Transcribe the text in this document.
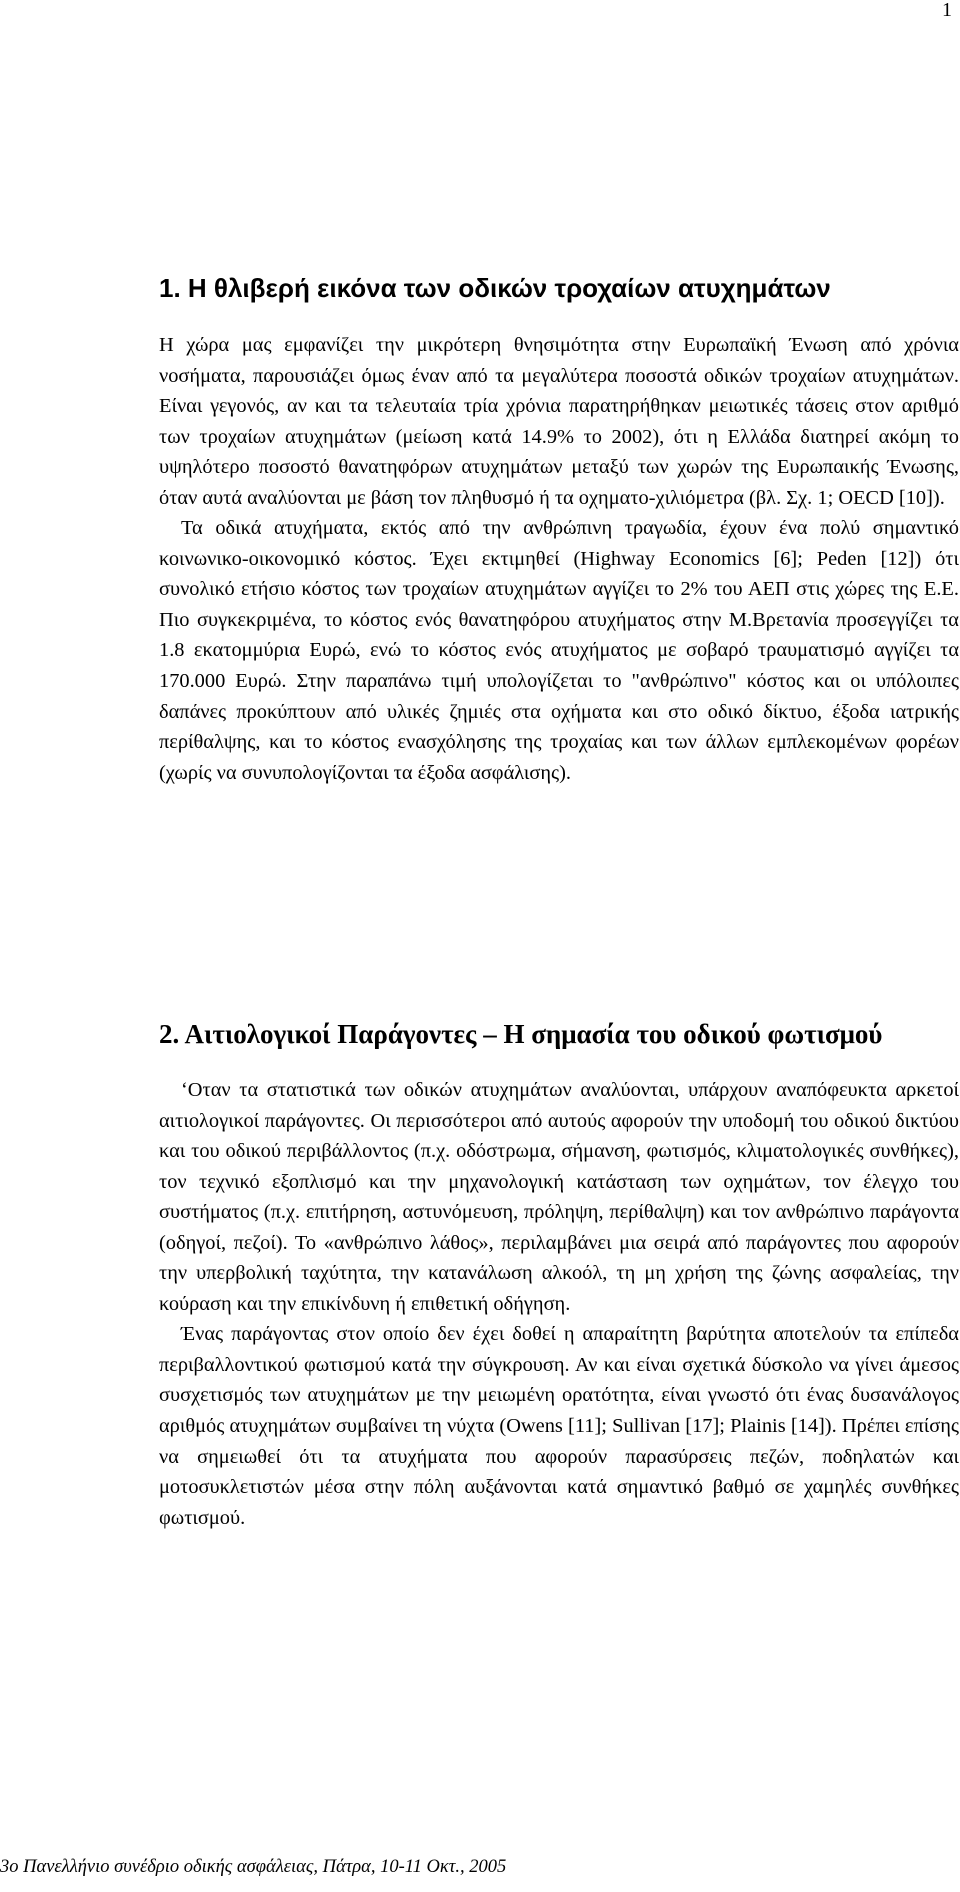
1
1. Η θλιβερή εικόνα των οδικών τροχαίων ατυχημάτων

Η χώρα μας εμφανίζει την μικρότερη θνησιμότητα στην Ευρωπαϊκή Ένωση από χρόνια νοσήματα, παρουσιάζει όμως έναν από τα μεγαλύτερα ποσοστά οδικών τροχαίων ατυχημάτων. Είναι γεγονός, αν και τα τελευταία τρία χρόνια παρατηρήθηκαν μειωτικές τάσεις στον αριθμό των τροχαίων ατυχημάτων (μείωση κατά 14.9% το 2002), ότι η Ελλάδα διατηρεί ακόμη το υψηλότερο ποσοστό θανατηφόρων ατυχημάτων μεταξύ των χωρών της Ευρωπαικής Ένωσης, όταν αυτά αναλύονται με βάση τον πληθυσμό ή τα οχηματο-χιλιόμετρα (βλ. Σχ. 1; OECD [10]).

Τα οδικά ατυχήματα, εκτός από την ανθρώπινη τραγωδία, έχουν ένα πολύ σημαντικό κοινωνικο-οικονομικό κόστος. Έχει εκτιμηθεί (Highway Economics [6]; Peden [12]) ότι συνολικό ετήσιο κόστος των τροχαίων ατυχημάτων αγγίζει το 2% του ΑΕΠ στις χώρες της Ε.Ε. Πιο συγκεκριμένα, το κόστος ενός θανατηφόρου ατυχήματος στην Μ.Βρετανία προσεγγίζει τα 1.8 εκατομμύρια Ευρώ, ενώ το κόστος ενός ατυχήματος με σοβαρό τραυματισμό αγγίζει τα 170.000 Ευρώ. Στην παραπάνω τιμή υπολογίζεται το "ανθρώπινο" κόστος και οι υπόλοιπες δαπάνες προκύπτουν από υλικές ζημιές στα οχήματα και στο οδικό δίκτυο, έξοδα ιατρικής περίθαλψης, και το κόστος ενασχόλησης της τροχαίας και των άλλων εμπλεκομένων φορέων (χωρίς να συνυπολογίζονται τα έξοδα ασφάλισης).

2. Αιτιολογικοί Παράγοντες – Η σημασία του οδικού φωτισμού

‘Οταν τα στατιστικά των οδικών ατυχημάτων αναλύονται, υπάρχουν αναπόφευκτα αρκετοί αιτιολογικοί παράγοντες. Οι περισσότεροι από αυτούς αφορούν την υποδομή του οδικού δικτύου και του οδικού περιβάλλοντος (π.χ. οδόστρωμα, σήμανση, φωτισμός, κλιματολογικές συνθήκες), τον τεχνικό εξοπλισμό και την μηχανολογική κατάσταση των οχημάτων, τον έλεγχο του συστήματος (π.χ. επιτήρηση, αστυνόμευση, πρόληψη, περίθαλψη) και τον ανθρώπινο παράγοντα (οδηγοί, πεζοί). Το «ανθρώπινο λάθος», περιλαμβάνει μια σειρά από παράγοντες που αφορούν την υπερβολική ταχύτητα, την κατανάλωση αλκοόλ, τη μη χρήση της ζώνης ασφαλείας, την κούραση και την επικίνδυνη ή επιθετική οδήγηση.

Ένας παράγοντας στον οποίο δεν έχει δοθεί η απαραίτητη βαρύτητα αποτελούν τα επίπεδα περιβαλλοντικού φωτισμού κατά την σύγκρουση. Αν και είναι σχετικά δύσκολο να γίνει άμεσος συσχετισμός των ατυχημάτων με την μειωμένη ορατότητα, είναι γνωστό ότι ένας δυσανάλογος αριθμός ατυχημάτων συμβαίνει τη νύχτα (Owens [11]; Sullivan [17]; Plainis [14]). Πρέπει επίσης να σημειωθεί ότι τα ατυχήματα που αφορούν παρασύρσεις πεζών, ποδηλατών και μοτοσυκλετιστών μέσα στην πόλη αυξάνονται κατά σημαντικό βαθμό σε χαμηλές συνθήκες φωτισμού.

3ο Πανελλήνιο συνέδριο οδικής ασφάλειας, Πάτρα, 10-11 Οκτ., 2005
